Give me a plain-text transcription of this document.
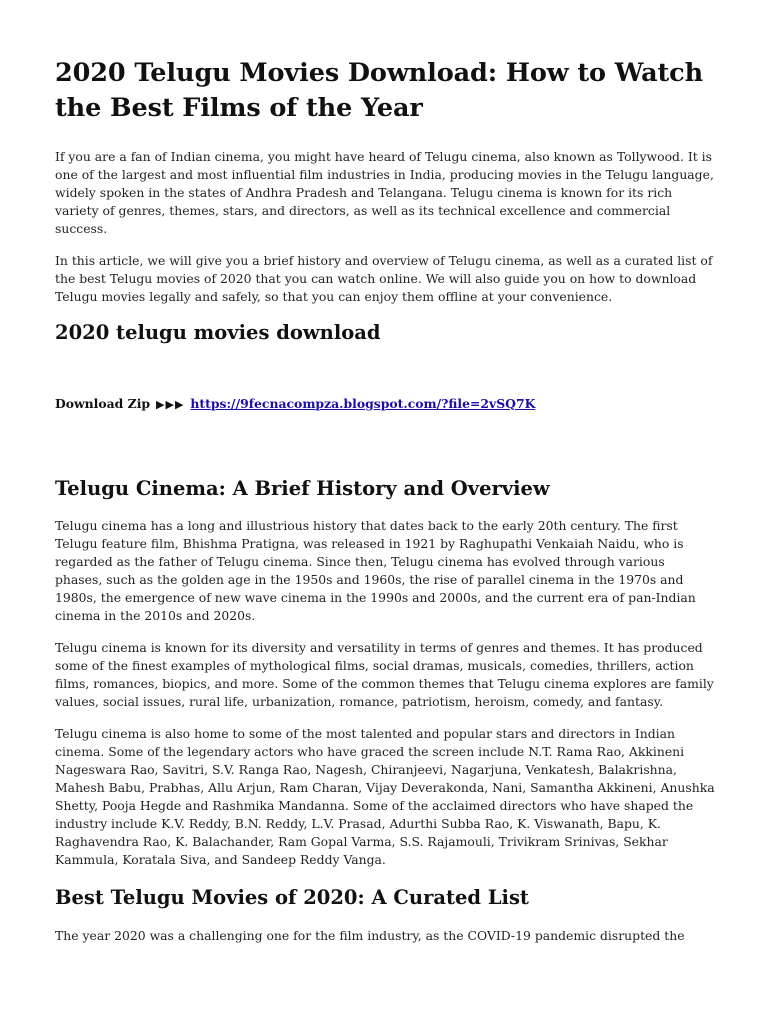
2020 Telugu Movies Download: How to Watch the Best Films of the Year

If you are a fan of Indian cinema, you might have heard of Telugu cinema, also known as Tollywood. It is one of the largest and most influential film industries in India, producing movies in the Telugu language, widely spoken in the states of Andhra Pradesh and Telangana. Telugu cinema is known for its rich variety of genres, themes, stars, and directors, as well as its technical excellence and commercial success.

In this article, we will give you a brief history and overview of Telugu cinema, as well as a curated list of the best Telugu movies of 2020 that you can watch online. We will also guide you on how to download Telugu movies legally and safely, so that you can enjoy them offline at your convenience.

2020 telugu movies download
Download Zip ▶▶▶ https://9fecnacompza.blogspot.com/?file=2vSQ7K
Telugu Cinema: A Brief History and Overview

Telugu cinema has a long and illustrious history that dates back to the early 20th century. The first Telugu feature film, Bhishma Pratigna, was released in 1921 by Raghupathi Venkaiah Naidu, who is regarded as the father of Telugu cinema. Since then, Telugu cinema has evolved through various phases, such as the golden age in the 1950s and 1960s, the rise of parallel cinema in the 1970s and 1980s, the emergence of new wave cinema in the 1990s and 2000s, and the current era of pan-Indian cinema in the 2010s and 2020s.

Telugu cinema is known for its diversity and versatility in terms of genres and themes. It has produced some of the finest examples of mythological films, social dramas, musicals, comedies, thrillers, action films, romances, biopics, and more. Some of the common themes that Telugu cinema explores are family values, social issues, rural life, urbanization, romance, patriotism, heroism, comedy, and fantasy.

Telugu cinema is also home to some of the most talented and popular stars and directors in Indian cinema. Some of the legendary actors who have graced the screen include N.T. Rama Rao, Akkineni Nageswara Rao, Savitri, S.V. Ranga Rao, Nagesh, Chiranjeevi, Nagarjuna, Venkatesh, Balakrishna, Mahesh Babu, Prabhas, Allu Arjun, Ram Charan, Vijay Deverakonda, Nani, Samantha Akkineni, Anushka Shetty, Pooja Hegde and Rashmika Mandanna. Some of the acclaimed directors who have shaped the industry include K.V. Reddy, B.N. Reddy, L.V. Prasad, Adurthi Subba Rao, K. Viswanath, Bapu, K. Raghavendra Rao, K. Balachander, Ram Gopal Varma, S.S. Rajamouli, Trivikram Srinivas, Sekhar Kammula, Koratala Siva, and Sandeep Reddy Vanga.

Best Telugu Movies of 2020: A Curated List

The year 2020 was a challenging one for the film industry, as the COVID-19 pandemic disrupted the
